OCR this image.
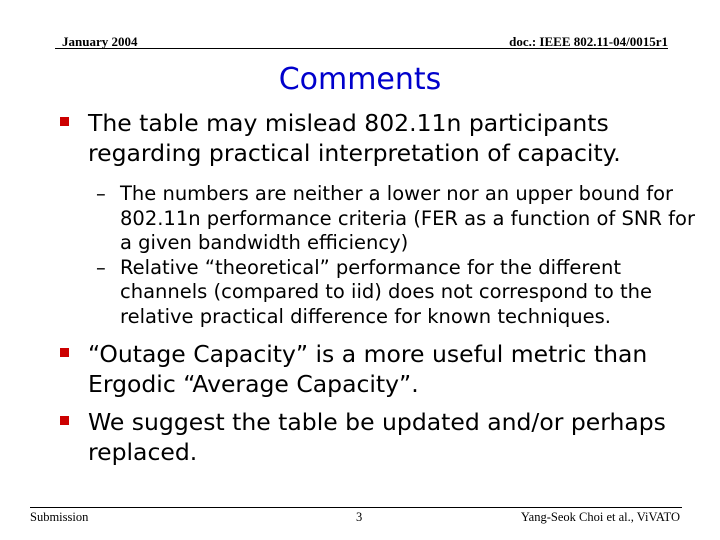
January 2004	doc.: IEEE 802.11-04/0015r1
Comments
The table may mislead 802.11n participants regarding practical interpretation of capacity.
– The numbers are neither a lower nor an upper bound for 802.11n performance criteria (FER as a function of SNR for a given bandwidth efficiency)
– Relative “theoretical” performance for the different channels (compared to iid) does not correspond to the relative practical difference for known techniques.
“Outage Capacity” is a more useful metric than Ergodic “Average Capacity”.
We suggest the table be updated and/or perhaps replaced.
Submission	3	Yang-Seok Choi et al., ViVATO
